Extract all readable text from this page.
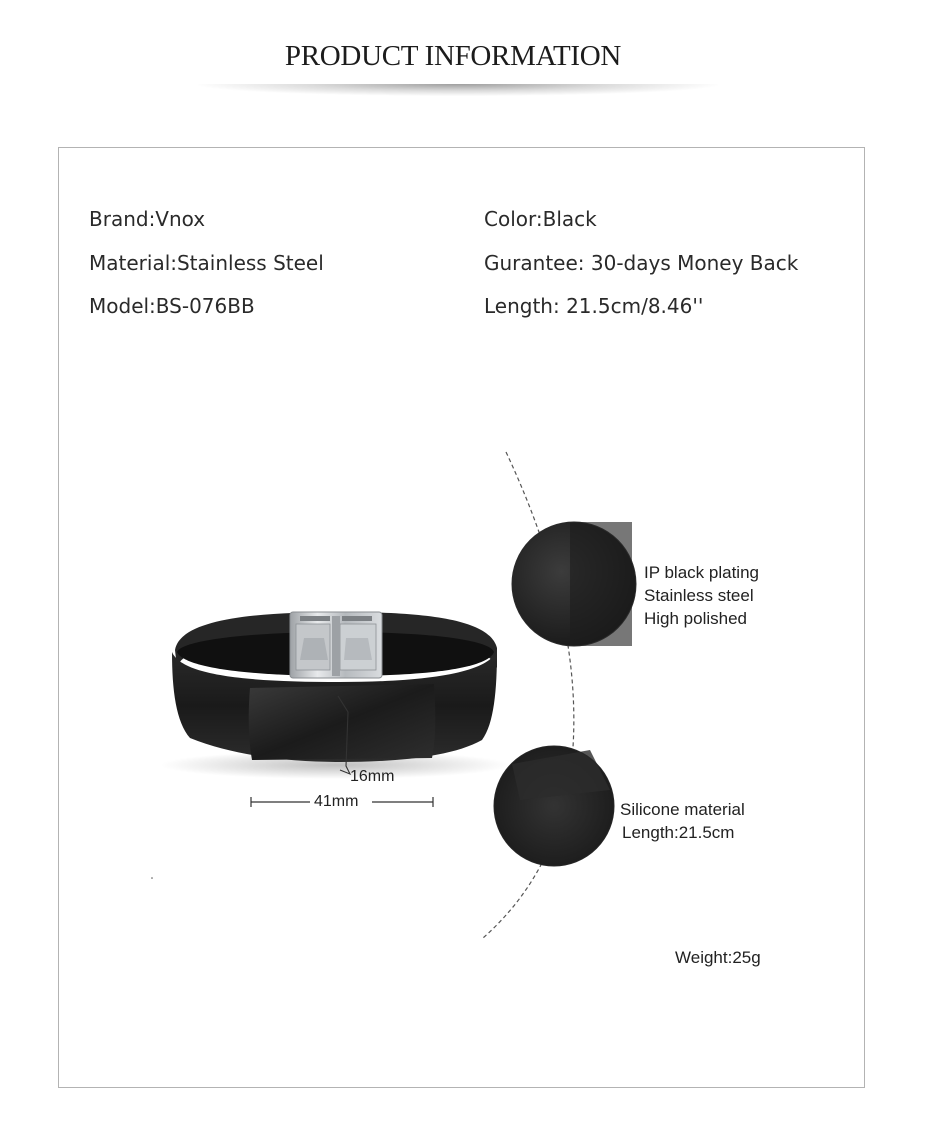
PRODUCT INFORMATION
Brand:Vnox
Material:Stainless Steel
Model:BS-076BB
Color:Black
Gurantee: 30-days Money Back
Length: 21.5cm/8.46''
16mm
41mm
IP black plating
Stainless steel
High polished
Silicone material
Length:21.5cm
Weight:25g
